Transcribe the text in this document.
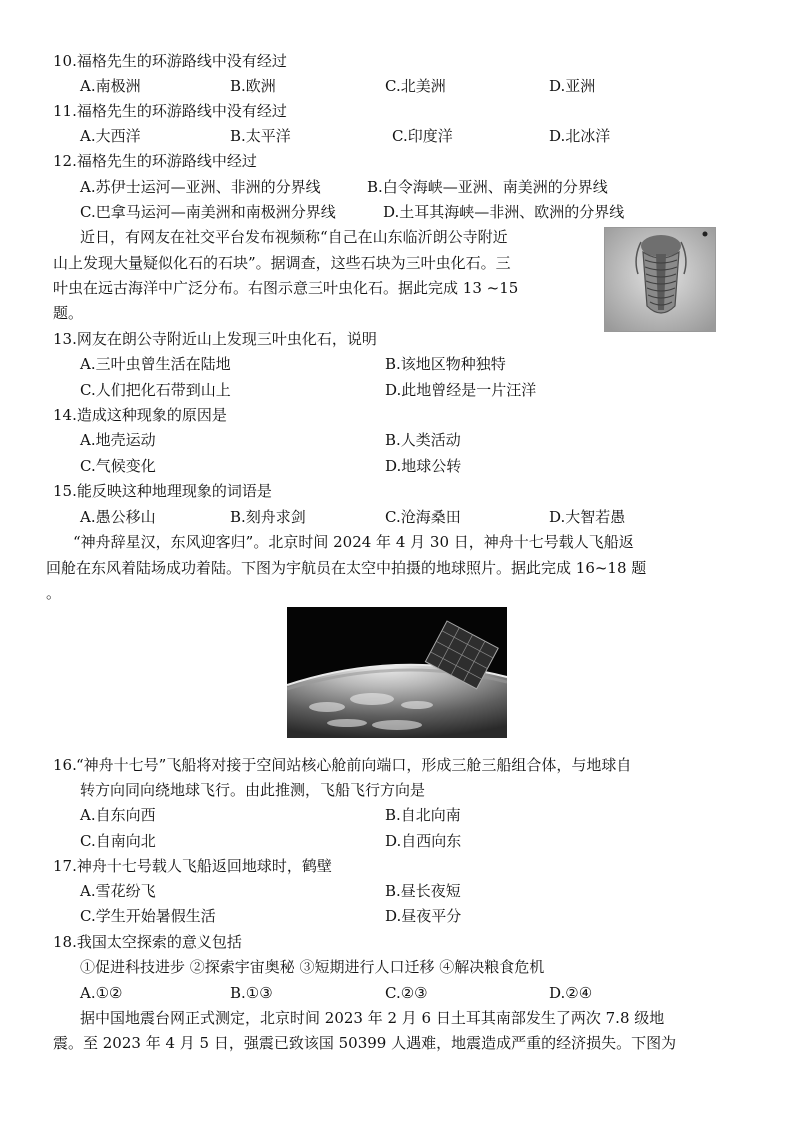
10.福格先生的环游路线中没有经过
A.南极洲	B.欧洲	C.北美洲	D.亚洲
11.福格先生的环游路线中没有经过
A.大西洋	B.太平洋	C.印度洋	D.北冰洋
12.福格先生的环游路线中经过
A.苏伊士运河—亚洲、非洲的分界线	B.白令海峡—亚洲、南美洲的分界线
C.巴拿马运河—南美洲和南极洲分界线	D.土耳其海峡—非洲、欧洲的分界线
近日，有网友在社交平台发布视频称“自己在山东临沂朗公寺附近
山上发现大量疑似化石的石块”。据调查，这些石块为三叶虫化石。三
叶虫在远古海洋中广泛分布。右图示意三叶虫化石。据此完成 13 ~15
题。
13.网友在朗公寺附近山上发现三叶虫化石，说明
A.三叶虫曾生活在陆地	B.该地区物种独特
C.人们把化石带到山上	D.此地曾经是一片汪洋
14.造成这种现象的原因是
A.地壳运动	B.人类活动
C.气候变化	D.地球公转
15.能反映这种地理现象的词语是
A.愚公移山	B.刻舟求剑	C.沧海桑田	D.大智若愚
“神舟辞星汉，东风迎客归”。北京时间 2024 年 4 月 30 日，神舟十七号载人飞船返
回舱在东风着陆场成功着陆。下图为宇航员在太空中拍摄的地球照片。据此完成 16~18 题
。
16. “神舟十七号”飞船将对接于空间站核心舱前向端口，形成三舱三船组合体，与地球自
转方向同向绕地球飞行。由此推测，飞船飞行方向是
A.自东向西	B.自北向南
C.自南向北	D.自西向东
17.神舟十七号载人飞船返回地球时，鹤壁
A.雪花纷飞	B.昼长夜短
C.学生开始暑假生活	D.昼夜平分
18.我国太空探索的意义包括
①促进科技进步 ②探索宇宙奥秘 ③短期进行人口迁移 ④解决粮食危机
A.①②	B.①③	C.②③	D.②④
据中国地震台网正式测定，北京时间 2023 年 2 月 6 日土耳其南部发生了两次 7.8 级地
震。至 2023 年 4 月 5 日，强震已致该国 50399 人遇难，地震造成严重的经济损失。下图为
